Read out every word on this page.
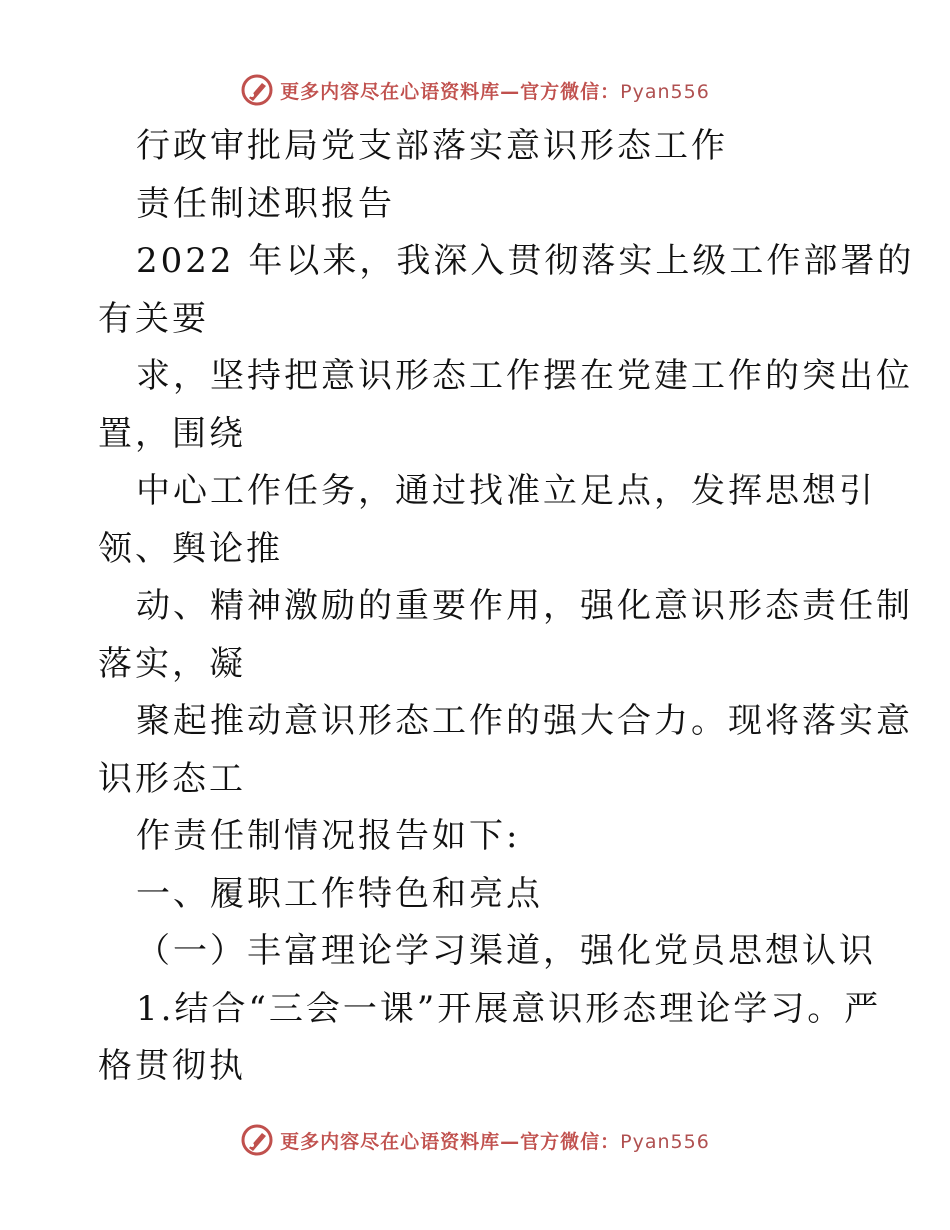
更多内容尽在心语资料库—官方微信：Pyan556
行政审批局党支部落实意识形态工作
责任制述职报告
2022 年以来，我深入贯彻落实上级工作部署的
有关要
求，坚持把意识形态工作摆在党建工作的突出位
置，围绕
中心工作任务，通过找准立足点，发挥思想引
领、舆论推
动、精神激励的重要作用，强化意识形态责任制
落实，凝
聚起推动意识形态工作的强大合力。现将落实意
识形态工
作责任制情况报告如下:
一、履职工作特色和亮点
（一）丰富理论学习渠道，强化党员思想认识
1.结合“三会一课”开展意识形态理论学习。严
格贯彻执
更多内容尽在心语资料库—官方微信：Pyan556
